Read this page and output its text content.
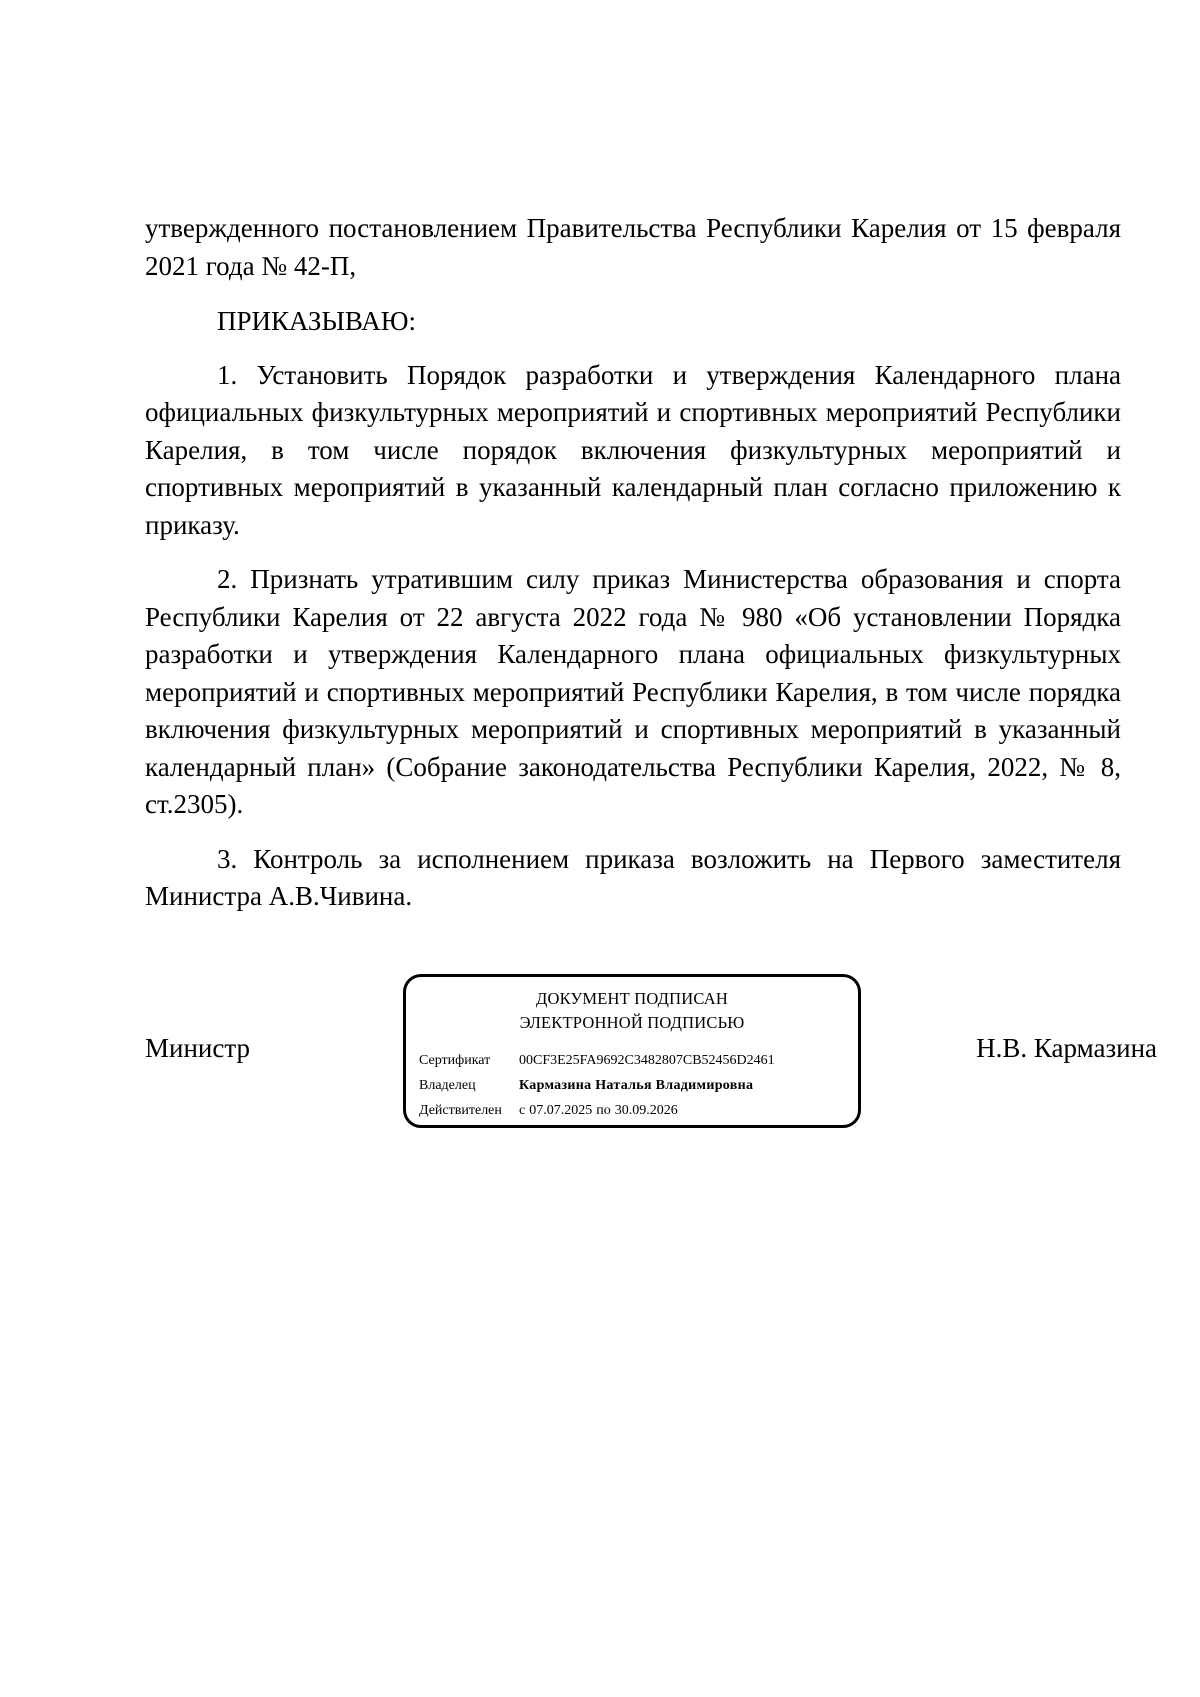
утвержденного постановлением Правительства Республики Карелия от 15 февраля 2021 года № 42-П,

ПРИКАЗЫВАЮ:

1. Установить Порядок разработки и утверждения Календарного плана официальных физкультурных мероприятий и спортивных мероприятий Республики Карелия, в том числе порядок включения физкультурных мероприятий и спортивных мероприятий в указанный календарный план согласно приложению к приказу.

2. Признать утратившим силу приказ Министерства образования и спорта Республики Карелия от 22 августа 2022 года № 980 «Об установлении Порядка разработки и утверждения Календарного плана официальных физкультурных мероприятий и спортивных мероприятий Республики Карелия, в том числе порядка включения физкультурных мероприятий и спортивных мероприятий в указанный календарный план» (Собрание законодательства Республики Карелия, 2022, № 8, ст.2305).

3. Контроль за исполнением приказа возложить на Первого заместителя Министра А.В.Чивина.

Министр
ДОКУМЕНТ ПОДПИСАН
ЭЛЕКТРОННОЙ ПОДПИСЬЮ
Сертификат 00CF3E25FA9692C3482807CB52456D2461
Владелец	Кармазина Наталья Владимировна
Действителен с 07.07.2025 по 30.09.2026
Н.В. Кармазина
